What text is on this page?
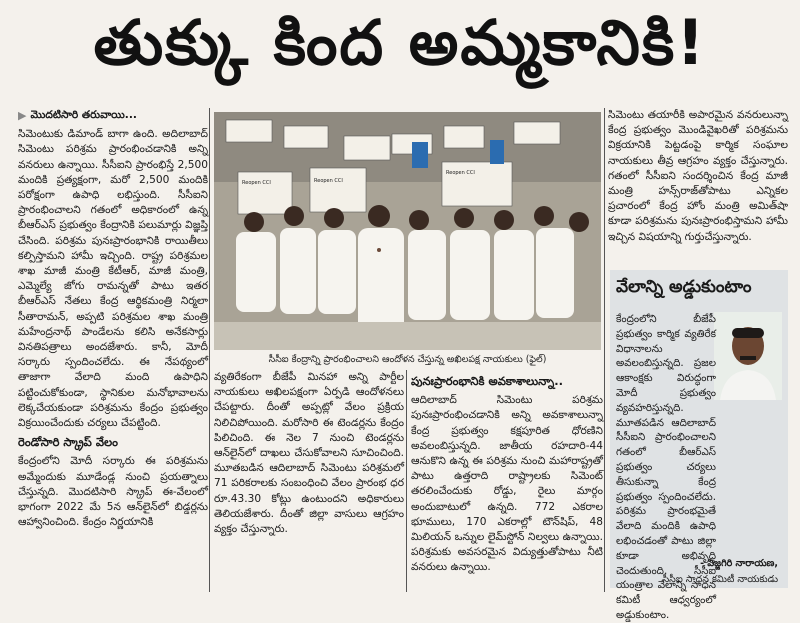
తుక్కు కింద అమ్మకానికి!
▶ మొదటిసారి తరువాయి...

సిమెంటుకు డిమాండ్ బాగా ఉంది. అదిలాబాద్ సిమెంటు పరిశ్రమ ప్రారంభించడానికి అన్ని వనరులు ఉన్నాయి. సీసీఐని ప్రారంభిస్తే 2,500 మందికి ప్రత్యక్షంగా, మరో 2,500 మందికి పరోక్షంగా ఉపాధి లభిస్తుంది. సీసీఐని ప్రారంభించాలని గతంలో అధికారంలో ఉన్న బీఆర్ఎస్ ప్రభుత్వం కేంద్రానికి పలుమార్లు విజ్ఞప్తి చేసింది. పరిశ్రమ పునఃప్రారంభానికి రాయితీలు కల్పిస్తామని హామీ ఇచ్చింది. రాష్ట్ర పరిశ్రమల శాఖ మాజీ మంత్రి కేటీఆర్, మాజీ మంత్రి, ఎమ్మెల్యే జోగు రామన్నతో పాటు ఇతర బీఆర్ఎస్ నేతలు కేంద్ర ఆర్థికమంత్రి నిర్మలా సీతారామన్, అప్పటి పరిశ్రమల శాఖ మంత్రి మహేంద్రనాథ్ పాండేలను కలిసి అనేకసార్లు వినతిపత్రాలు అందజేశారు. కానీ, మోదీ సర్కారు స్పందించలేదు. ఈ నేపథ్యంలో తాజాగా వేలాది మంది ఉపాధిని పట్టించుకోకుండా, స్థానికుల మనోభావాలను లెక్కచేయకుండా పరిశ్రమను కేంద్రం ప్రభుత్వం విక్రయించేందుకు చర్యలు చేపట్టింది.

రెండోసారి స్క్రాప్ వేలం

కేంద్రంలోని మోదీ సర్కారు ఈ పరిశ్రమను అమ్మేందుకు మూడేండ్ల నుంచి ప్రయత్నాలు చేస్తున్నది. మొదటిసారి స్క్రాప్ ఈ-వేలంలో భాగంగా 2022 మే 5న ఆన్‌లైన్‌లో బిడ్డర్లను ఆహ్వానించింది. కేంద్రం నిర్ణయానికి

Reopen CCI	Reopen CCI
Reopen CCI
సీసీఐ కేంద్రాన్ని ప్రారంభించాలని ఆందోళన చేస్తున్న అఖిలపక్ష నాయకులు (ఫైల్)

వ్యతిరేకంగా బీజేపీ మినహా అన్ని పార్టీల నాయకులు అఖిలపక్షంగా ఏర్పడి ఆందోళనలు చేపట్టారు. దీంతో అప్పట్లో వేలం ప్రక్రియ నిలిచిపోయింది. మరోసారి ఈ టెండర్లను కేంద్రం పిలిచింది. ఈ నెల 7 నుంచి టెండర్లను ఆన్‌లైన్‌లో దాఖలు చేసుకోవాలని సూచించింది. మూతబడిన ఆదిలాబాద్ సిమెంటు పరిశ్రమలో 71 పరికరాలకు సంబంధించి వేలం ప్రారంభ ధర రూ.43.30 కోట్లు ఉంటుందని అధికారులు తెలియజేశారు. దీంతో జిల్లా వాసులు ఆగ్రహం వ్యక్తం చేస్తున్నారు.

పునఃప్రారంభానికి అవకాశాలున్నా..

ఆదిలాబాద్ సిమెంటు పరిశ్రమ పునఃప్రారంభించడానికి అన్ని అవకాశాలున్నా కేంద్ర ప్రభుత్వం కక్షపూరిత ధోరణిని అవలంబిస్తున్నది. జాతీయ రహదారి-44 ఆనుకొని ఉన్న ఈ పరిశ్రమ నుంచి మహారాష్ట్రతో పాటు ఉత్తరాది రాష్ట్రాలకు సిమెంట్ తరలించేందుకు రోడ్డు, రైలు మార్గం అందుబాటులో ఉన్నది. 772 ఎకరాల భూములు, 170 ఎకరాల్లో టౌన్‌షిప్, 48 మిలియన్ ఒన్నుల లైమ్‌స్టోన్ నిల్వలు ఉన్నాయి. పరిశ్రమకు అవసరమైన విద్యుత్తుతోపాటు నీటి వనరులు ఉన్నాయి.

సిమెంటు తయారీకి అపారమైన వనరులున్నా కేంద్ర ప్రభుత్వం మొండివైఖరితో పరిశ్రమను విక్రయానికి పెట్టడంపై కార్మిక సంఘాల నాయకులు తీవ్ర ఆగ్రహం వ్యక్తం చేస్తున్నారు. గతంలో సీసీఐని సందర్శించిన కేంద్ర మాజీ మంత్రి హన్స్‌రాజ్‌తోపాటు ఎన్నికల ప్రచారంలో కేంద్ర హోం మంత్రి అమిత్‌షా కూడా పరిశ్రమను పునఃప్రారంభిస్తామని హామీ ఇచ్చిన విషయాన్ని గుర్తుచేస్తున్నారు.

వేలాన్ని అడ్డుకుంటాం
కేంద్రంలోని బీజేపీ ప్రభుత్వం కార్మిక వ్యతిరేక విధానాలను అవలంబిస్తున్నది. ప్రజల ఆకాంక్షకు విరుద్ధంగా మోదీ ప్రభుత్వం వ్యవహరిస్తున్నది. మూతపడిన ఆదిలాబాద్ సీసీఐని ప్రారంభించాలని గతంలో బీఆర్ఎస్ ప్రభుత్వం చర్యలు తీసుకున్నా కేంద్ర ప్రభుత్వం స్పందించలేదు. పరిశ్రమ ప్రారంభమైతే వేలాది మందికి ఉపాధి లభించడంతో పాటు జిల్లా కూడా అభివృద్ధి చెందుతుంది. సీసీఐ యంత్రాల వేలాన్ని సాధన కమిటీ ఆధ్వర్యంలో అడ్డుకుంటాం.
- విజ్జగిరి నారాయణ,
సీసీఐ సాధన కమిటీ నాయకుడు
